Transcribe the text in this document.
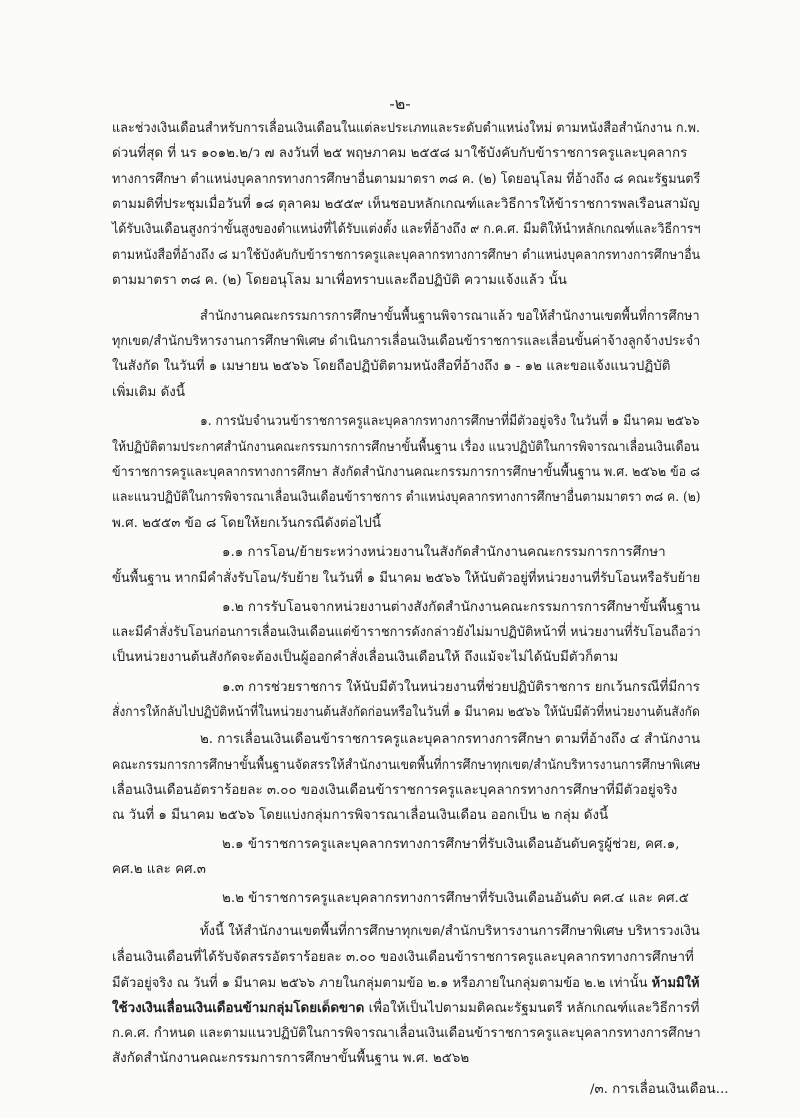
-๒-
และช่วงเงินเดือนสำหรับการเลื่อนเงินเดือนในแต่ละประเภทและระดับตำแหน่งใหม่ ตามหนังสือสำนักงาน ก.พ.
ด่วนที่สุด ที่ นร ๑๐๑๒.๒/ว ๗ ลงวันที่ ๒๕ พฤษภาคม ๒๕๕๘ มาใช้บังคับกับข้าราชการครูและบุคลากร
ทางการศึกษา ตำแหน่งบุคลากรทางการศึกษาอื่นตามมาตรา ๓๘ ค. (๒) โดยอนุโลม ที่อ้างถึง ๘ คณะรัฐมนตรี
ตามมติที่ประชุมเมื่อวันที่ ๑๘ ตุลาคม ๒๕๕๙ เห็นชอบหลักเกณฑ์และวิธีการให้ข้าราชการพลเรือนสามัญ
ได้รับเงินเดือนสูงกว่าขั้นสูงของตำแหน่งที่ได้รับแต่งตั้ง และที่อ้างถึง ๙ ก.ค.ศ. มีมติให้นำหลักเกณฑ์และวิธีการฯ
ตามหนังสือที่อ้างถึง ๘ มาใช้บังคับกับข้าราชการครูและบุคลากรทางการศึกษา ตำแหน่งบุคลากรทางการศึกษาอื่น
ตามมาตรา ๓๘ ค. (๒) โดยอนุโลม มาเพื่อทราบและถือปฏิบัติ ความแจ้งแล้ว นั้น
สำนักงานคณะกรรมการการศึกษาขั้นพื้นฐานพิจารณาแล้ว ขอให้สำนักงานเขตพื้นที่การศึกษา
ทุกเขต/สำนักบริหารงานการศึกษาพิเศษ ดำเนินการเลื่อนเงินเดือนข้าราชการและเลื่อนขั้นค่าจ้างลูกจ้างประจำ
ในสังกัด ในวันที่ ๑ เมษายน ๒๕๖๖ โดยถือปฏิบัติตามหนังสือที่อ้างถึง ๑ - ๑๒ และขอแจ้งแนวปฏิบัติ
เพิ่มเติม ดังนี้
๑. การนับจำนวนข้าราชการครูและบุคลากรทางการศึกษาที่มีตัวอยู่จริง ในวันที่ ๑ มีนาคม ๒๕๖๖
ให้ปฏิบัติตามประกาศสำนักงานคณะกรรมการการศึกษาขั้นพื้นฐาน เรื่อง แนวปฏิบัติในการพิจารณาเลื่อนเงินเดือน
ข้าราชการครูและบุคลากรทางการศึกษา สังกัดสำนักงานคณะกรรมการการศึกษาขั้นพื้นฐาน พ.ศ. ๒๕๖๒ ข้อ ๘
และแนวปฏิบัติในการพิจารณาเลื่อนเงินเดือนข้าราชการ ตำแหน่งบุคลากรทางการศึกษาอื่นตามมาตรา ๓๘ ค. (๒)
พ.ศ. ๒๕๕๓ ข้อ ๘ โดยให้ยกเว้นกรณีดังต่อไปนี้
๑.๑ การโอน/ย้ายระหว่างหน่วยงานในสังกัดสำนักงานคณะกรรมการการศึกษา
ขั้นพื้นฐาน หากมีคำสั่งรับโอน/รับย้าย ในวันที่ ๑ มีนาคม ๒๕๖๖ ให้นับตัวอยู่ที่หน่วยงานที่รับโอนหรือรับย้าย
๑.๒ การรับโอนจากหน่วยงานต่างสังกัดสำนักงานคณะกรรมการการศึกษาขั้นพื้นฐาน
และมีคำสั่งรับโอนก่อนการเลื่อนเงินเดือนแต่ข้าราชการดังกล่าวยังไม่มาปฏิบัติหน้าที่ หน่วยงานที่รับโอนถือว่า
เป็นหน่วยงานต้นสังกัดจะต้องเป็นผู้ออกคำสั่งเลื่อนเงินเดือนให้ ถึงแม้จะไม่ได้นับมีตัวก็ตาม
๑.๓ การช่วยราชการ ให้นับมีตัวในหน่วยงานที่ช่วยปฏิบัติราชการ ยกเว้นกรณีที่มีการ
สั่งการให้กลับไปปฏิบัติหน้าที่ในหน่วยงานต้นสังกัดก่อนหรือในวันที่ ๑ มีนาคม ๒๕๖๖ ให้นับมีตัวที่หน่วยงานต้นสังกัด
๒. การเลื่อนเงินเดือนข้าราชการครูและบุคลากรทางการศึกษา ตามที่อ้างถึง ๔ สำนักงาน
คณะกรรมการการศึกษาขั้นพื้นฐานจัดสรรให้สำนักงานเขตพื้นที่การศึกษาทุกเขต/สำนักบริหารงานการศึกษาพิเศษ
เลื่อนเงินเดือนอัตราร้อยละ ๓.๐๐ ของเงินเดือนข้าราชการครูและบุคลากรทางการศึกษาที่มีตัวอยู่จริง
ณ วันที่ ๑ มีนาคม ๒๕๖๖ โดยแบ่งกลุ่มการพิจารณาเลื่อนเงินเดือน ออกเป็น ๒ กลุ่ม ดังนี้
๒.๑ ข้าราชการครูและบุคลากรทางการศึกษาที่รับเงินเดือนอันดับครูผู้ช่วย, คศ.๑,
คศ.๒ และ คศ.๓
๒.๒ ข้าราชการครูและบุคลากรทางการศึกษาที่รับเงินเดือนอันดับ คศ.๔ และ คศ.๕
ทั้งนี้ ให้สำนักงานเขตพื้นที่การศึกษาทุกเขต/สำนักบริหารงานการศึกษาพิเศษ บริหารวงเงิน
เลื่อนเงินเดือนที่ได้รับจัดสรรอัตราร้อยละ ๓.๐๐ ของเงินเดือนข้าราชการครูและบุคลากรทางการศึกษาที่
มีตัวอยู่จริง ณ วันที่ ๑ มีนาคม ๒๕๖๖ ภายในกลุ่มตามข้อ ๒.๑ หรือภายในกลุ่มตามข้อ ๒.๒ เท่านั้น ห้ามมิให้
ใช้วงเงินเลื่อนเงินเดือนข้ามกลุ่มโดยเด็ดขาด เพื่อให้เป็นไปตามมติคณะรัฐมนตรี หลักเกณฑ์และวิธีการที่
ก.ค.ศ. กำหนด และตามแนวปฏิบัติในการพิจารณาเลื่อนเงินเดือนข้าราชการครูและบุคลากรทางการศึกษา
สังกัดสำนักงานคณะกรรมการการศึกษาขั้นพื้นฐาน พ.ศ. ๒๕๖๒
/๓. การเลื่อนเงินเดือน...
